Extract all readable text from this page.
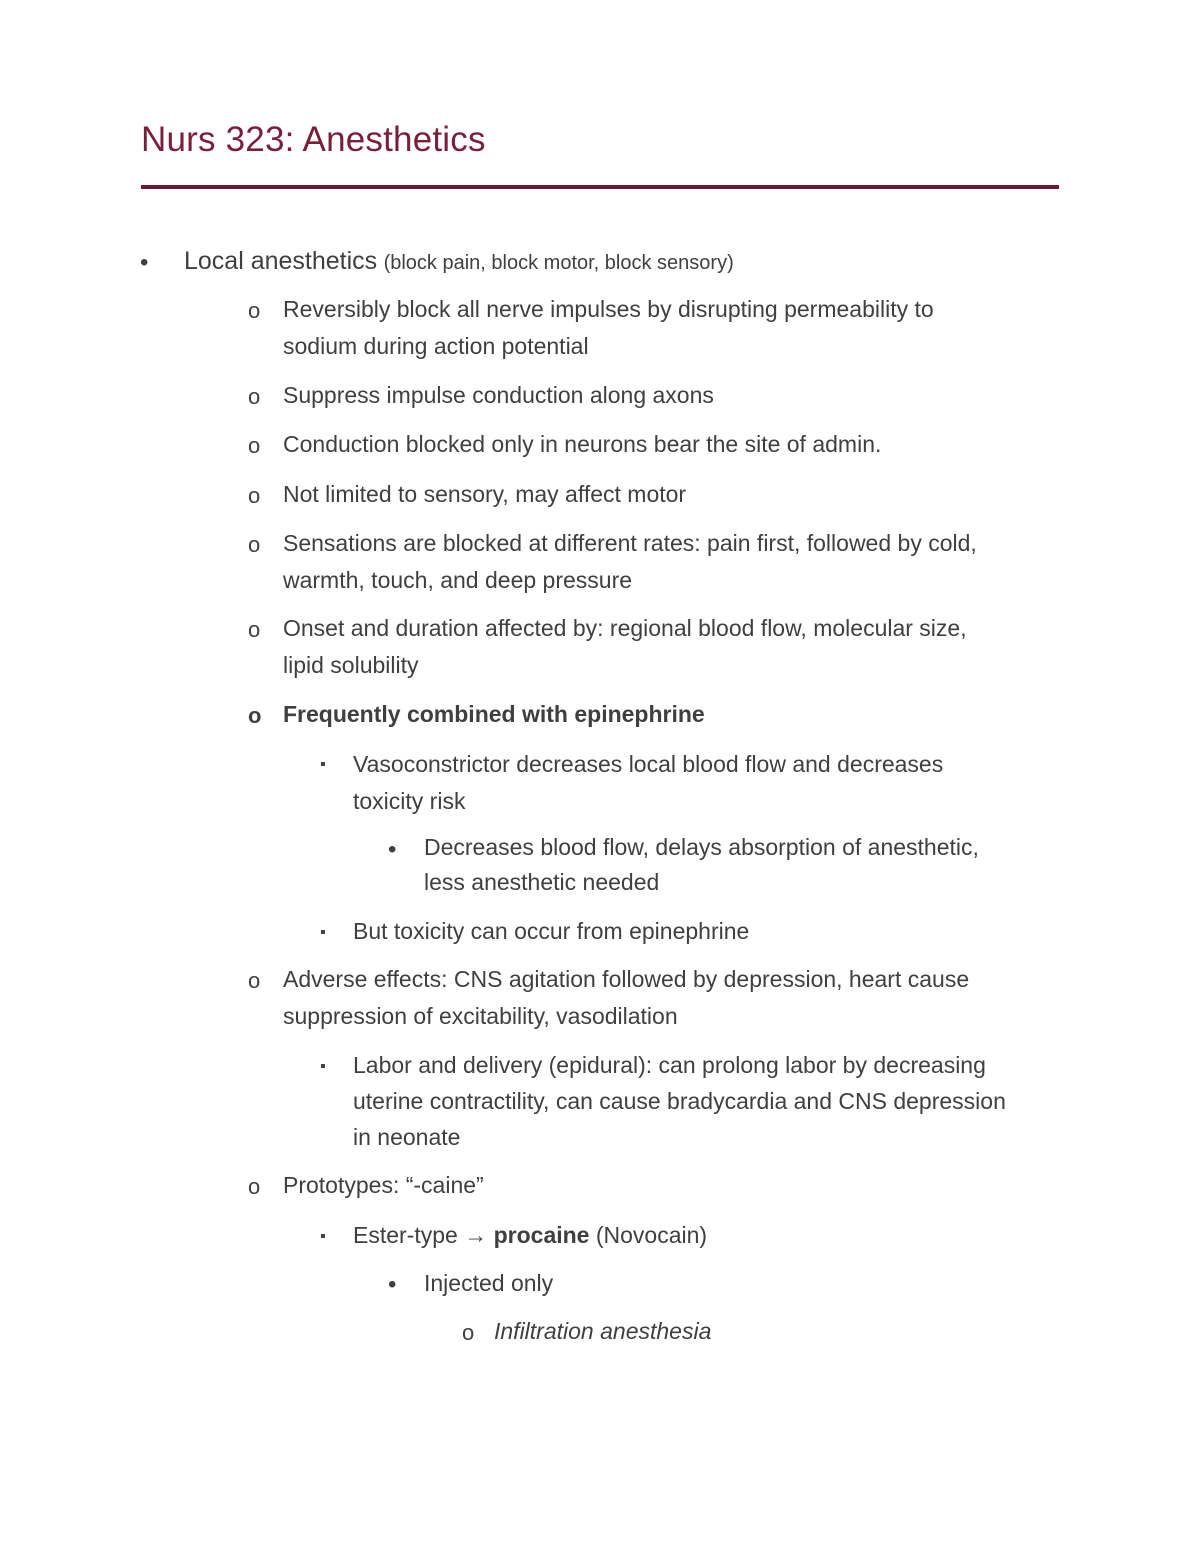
Nurs 323: Anesthetics
• Local anesthetics (block pain, block motor, block sensory)
o Reversibly block all nerve impulses by disrupting permeability to
sodium during action potential
o Suppress impulse conduction along axons
o Conduction blocked only in neurons bear the site of admin.
o Not limited to sensory, may affect motor
o Sensations are blocked at different rates: pain first, followed by cold,
warmth, touch, and deep pressure
o Onset and duration affected by: regional blood flow, molecular size,
lipid solubility
o Frequently combined with epinephrine
▪ Vasoconstrictor decreases local blood flow and decreases
toxicity risk
• Decreases blood flow, delays absorption of anesthetic,
less anesthetic needed
▪ But toxicity can occur from epinephrine
o Adverse effects: CNS agitation followed by depression, heart cause
suppression of excitability, vasodilation
▪ Labor and delivery (epidural): can prolong labor by decreasing
uterine contractility, can cause bradycardia and CNS depression
in neonate
o Prototypes: “-caine”
▪ Ester-type → procaine (Novocain)
• Injected only
o Infiltration anesthesia
